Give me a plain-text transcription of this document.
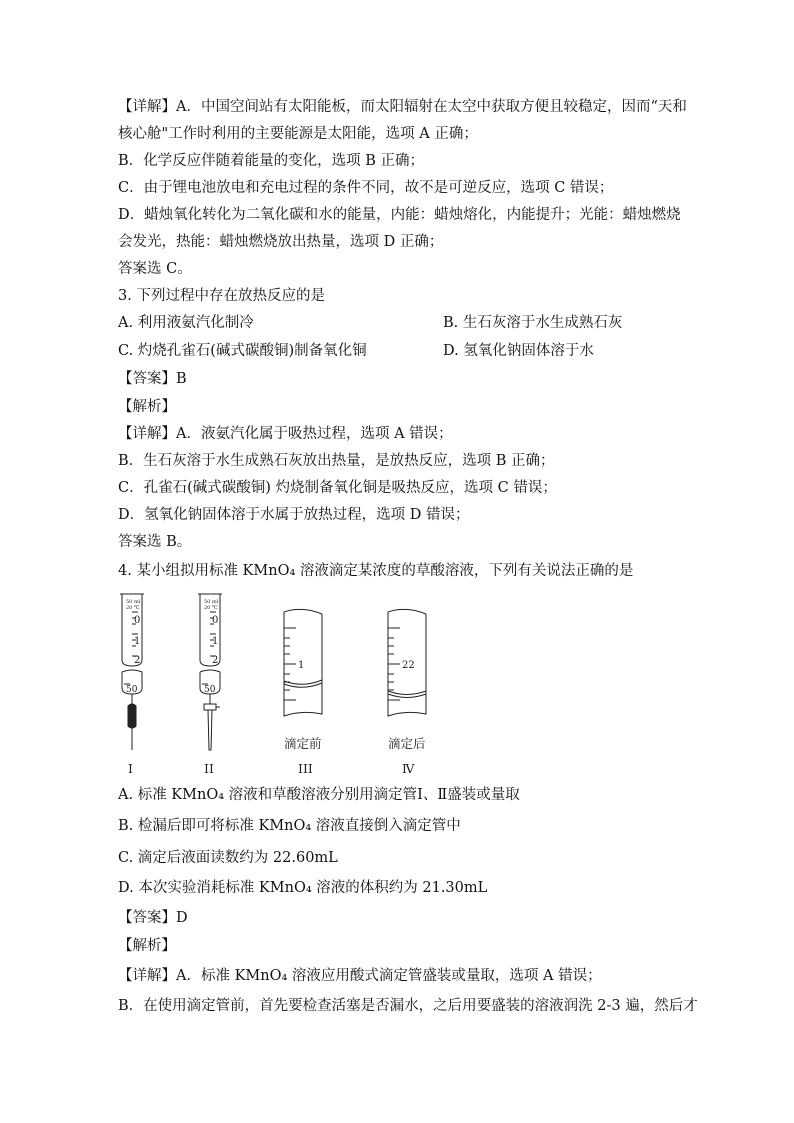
【详解】A．中国空间站有太阳能板，而太阳辐射在太空中获取方便且较稳定，因而“天和
核心舱"工作时利用的主要能源是太阳能，选项 A 正确；
B．化学反应伴随着能量的变化，选项 B 正确；
C．由于锂电池放电和充电过程的条件不同，故不是可逆反应，选项 C 错误；
D．蜡烛氧化转化为二氧化碳和水的能量，内能：蜡烛熔化，内能提升；光能：蜡烛燃烧
会发光，热能：蜡烛燃烧放出热量，选项 D 正确；
答案选 C。
3. 下列过程中存在放热反应的是
A. 利用液氨汽化制冷	B. 生石灰溶于水生成熟石灰
C. 灼烧孔雀石(碱式碳酸铜)制备氧化铜	D. 氢氧化钠固体溶于水
【答案】B
【解析】
【详解】A．液氨汽化属于吸热过程，选项 A 错误；
B．生石灰溶于水生成熟石灰放出热量，是放热反应，选项 B 正确；
C．孔雀石(碱式碳酸铜) 灼烧制备氧化铜是吸热反应，选项 C 错误；
D．氢氧化钠固体溶于水属于放热过程，选项 D 错误；
答案选 B。
4. 某小组拟用标准 KMnO₄ 溶液滴定某浓度的草酸溶液，下列有关说法正确的是
50 ml
20 ℃
0
1
2
50
50 ml
20 ℃
0
1
2
50
1	22
滴定前	滴定后
I	II	III	Ⅳ
A. 标准 KMnO₄ 溶液和草酸溶液分别用滴定管Ⅰ、Ⅱ盛装或量取
B. 检漏后即可将标准 KMnO₄ 溶液直接倒入滴定管中
C. 滴定后液面读数约为 22.60mL
D. 本次实验消耗标准 KMnO₄ 溶液的体积约为 21.30mL
【答案】D
【解析】
【详解】A．标准 KMnO₄ 溶液应用酸式滴定管盛装或量取，选项 A 错误；
B．在使用滴定管前，首先要检查活塞是否漏水，之后用要盛装的溶液润洗 2-3 遍，然后才
